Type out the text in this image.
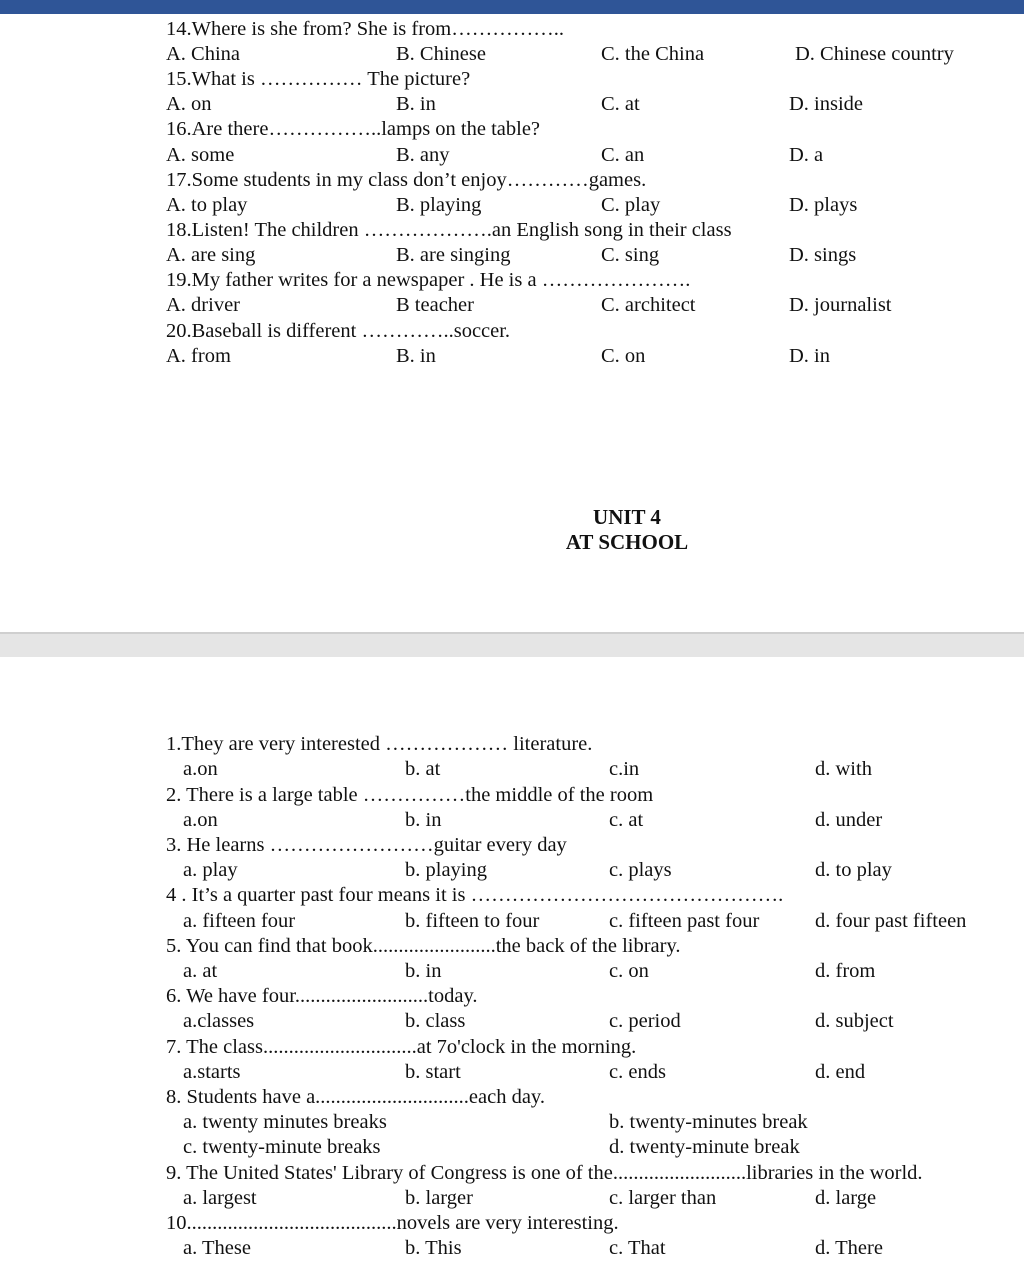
14.Where is she from? She is from……………..
A. China	B. Chinese	C. the China	D. Chinese country
15.What is …………… The picture?
A. on	B. in	C. at	D. inside
16.Are there……………..lamps on the table?
A. some	B. any	C. an	D. a
17.Some students in my class don’t enjoy…………games.
A. to play	B. playing	C. play	D. plays
18.Listen! The children ……………….an English song in their class
A. are sing	B. are singing	C. sing	D. sings
19.My father writes for a newspaper . He is a ………………….
A. driver	B teacher	C. architect	D. journalist
20.Baseball is different …………..soccer.
A. from	B. in	C. on	D. in
UNIT 4
AT SCHOOL
1.They are very interested ……………… literature.
a.on	b. at	c.in	d. with
2. There is a large table ……………the middle of the room
a.on	b. in	c. at	d. under
3. He learns ……………………guitar every day
a. play	b. playing	c. plays	d. to play
4 . It’s a quarter past four means it is ……………………………………….
a. fifteen four	b. fifteen to four	c. fifteen past four	d. four past fifteen
5. You can find that book........................the back of the library.
a. at	b. in	c. on	d. from
6. We have four..........................today.
a.classes	b. class	c. period	d. subject
7. The class..............................at 7o'clock in the morning.
a.starts	b. start	c. ends	d. end
8. Students have a..............................each day.
a. twenty minutes breaks	b. twenty-minutes break
c. twenty-minute breaks	d. twenty-minute break
9. The United States' Library of Congress is one of the..........................libraries in the world.
a. largest	b. larger	c. larger than	d. large
10.........................................novels are very interesting.
a. These	b. This	c. That	d. There
